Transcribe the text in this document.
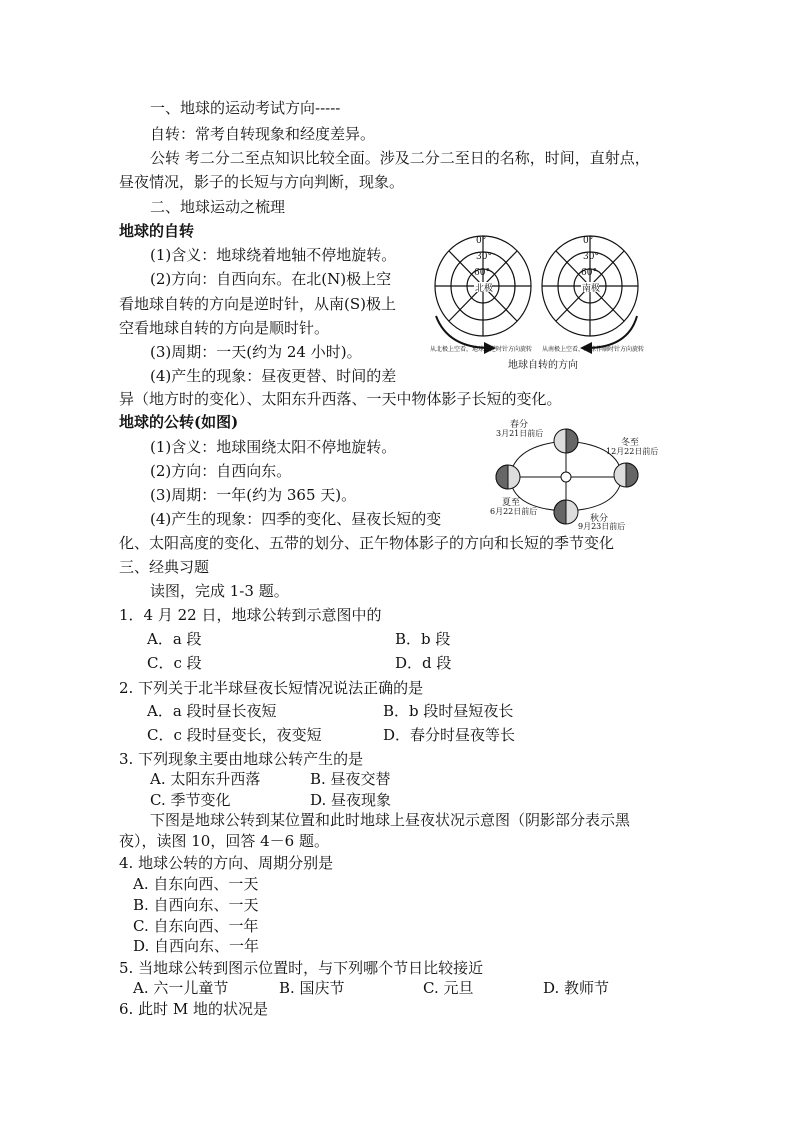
一、地球的运动考试方向-----
自转：常考自转现象和经度差异。
公转 考二分二至点知识比较全面。涉及二分二至日的名称，时间，直射点，
昼夜情况，影子的长短与方向判断，现象。
二、地球运动之梳理
地球的自转
(1)含义：地球绕着地轴不停地旋转。
(2)方向：自西向东。在北(N)极上空
看地球自转的方向是逆时针，从南(S)极上
空看地球自转的方向是顺时针。
(3)周期：一天(约为 24 小时)。
(4)产生的现象：昼夜更替、时间的差
异（地方时的变化）、太阳东升西落、一天中物体影子长短的变化。
地球的公转(如图)
(1)含义：地球围绕太阳不停地旋转。
(2)方向：自西向东。
(3)周期：一年(约为 365 天)。
(4)产生的现象：四季的变化、昼夜长短的变
化、太阳高度的变化、五带的划分、正午物体影子的方向和长短的季节变化
0°
30°
60°
北极
0°
30°
60°
南极
从北极上空看，地球作逆时针方向旋转 从南极上空看，地球作顺时针方向旋转
地球自转的方向
春分
3月21日前后
冬至
12月22日前后
夏至
6月22日前后
秋分
9月23日前后
三、经典习题
读图，完成 1-3 题。
1．4 月 22 日，地球公转到示意图中的
A．a 段	B．b 段
C．c 段	D．d 段
2. 下列关于北半球昼夜长短情况说法正确的是
A．a 段时昼长夜短	B．b 段时昼短夜长
C．c 段时昼变长，夜变短	D．春分时昼夜等长
3. 下列现象主要由地球公转产生的是
A. 太阳东升西落	B. 昼夜交替
C. 季节变化	D. 昼夜现象
下图是地球公转到某位置和此时地球上昼夜状况示意图（阴影部分表示黑
夜），读图 10，回答 4－6 题。
4. 地球公转的方向、周期分别是
A. 自东向西、一天
B. 自西向东、一天
C. 自东向西、一年
D. 自西向东、一年
5. 当地球公转到图示位置时，与下列哪个节日比较接近
A. 六一儿童节	B. 国庆节	C. 元旦	D. 教师节
6. 此时 M 地的状况是
